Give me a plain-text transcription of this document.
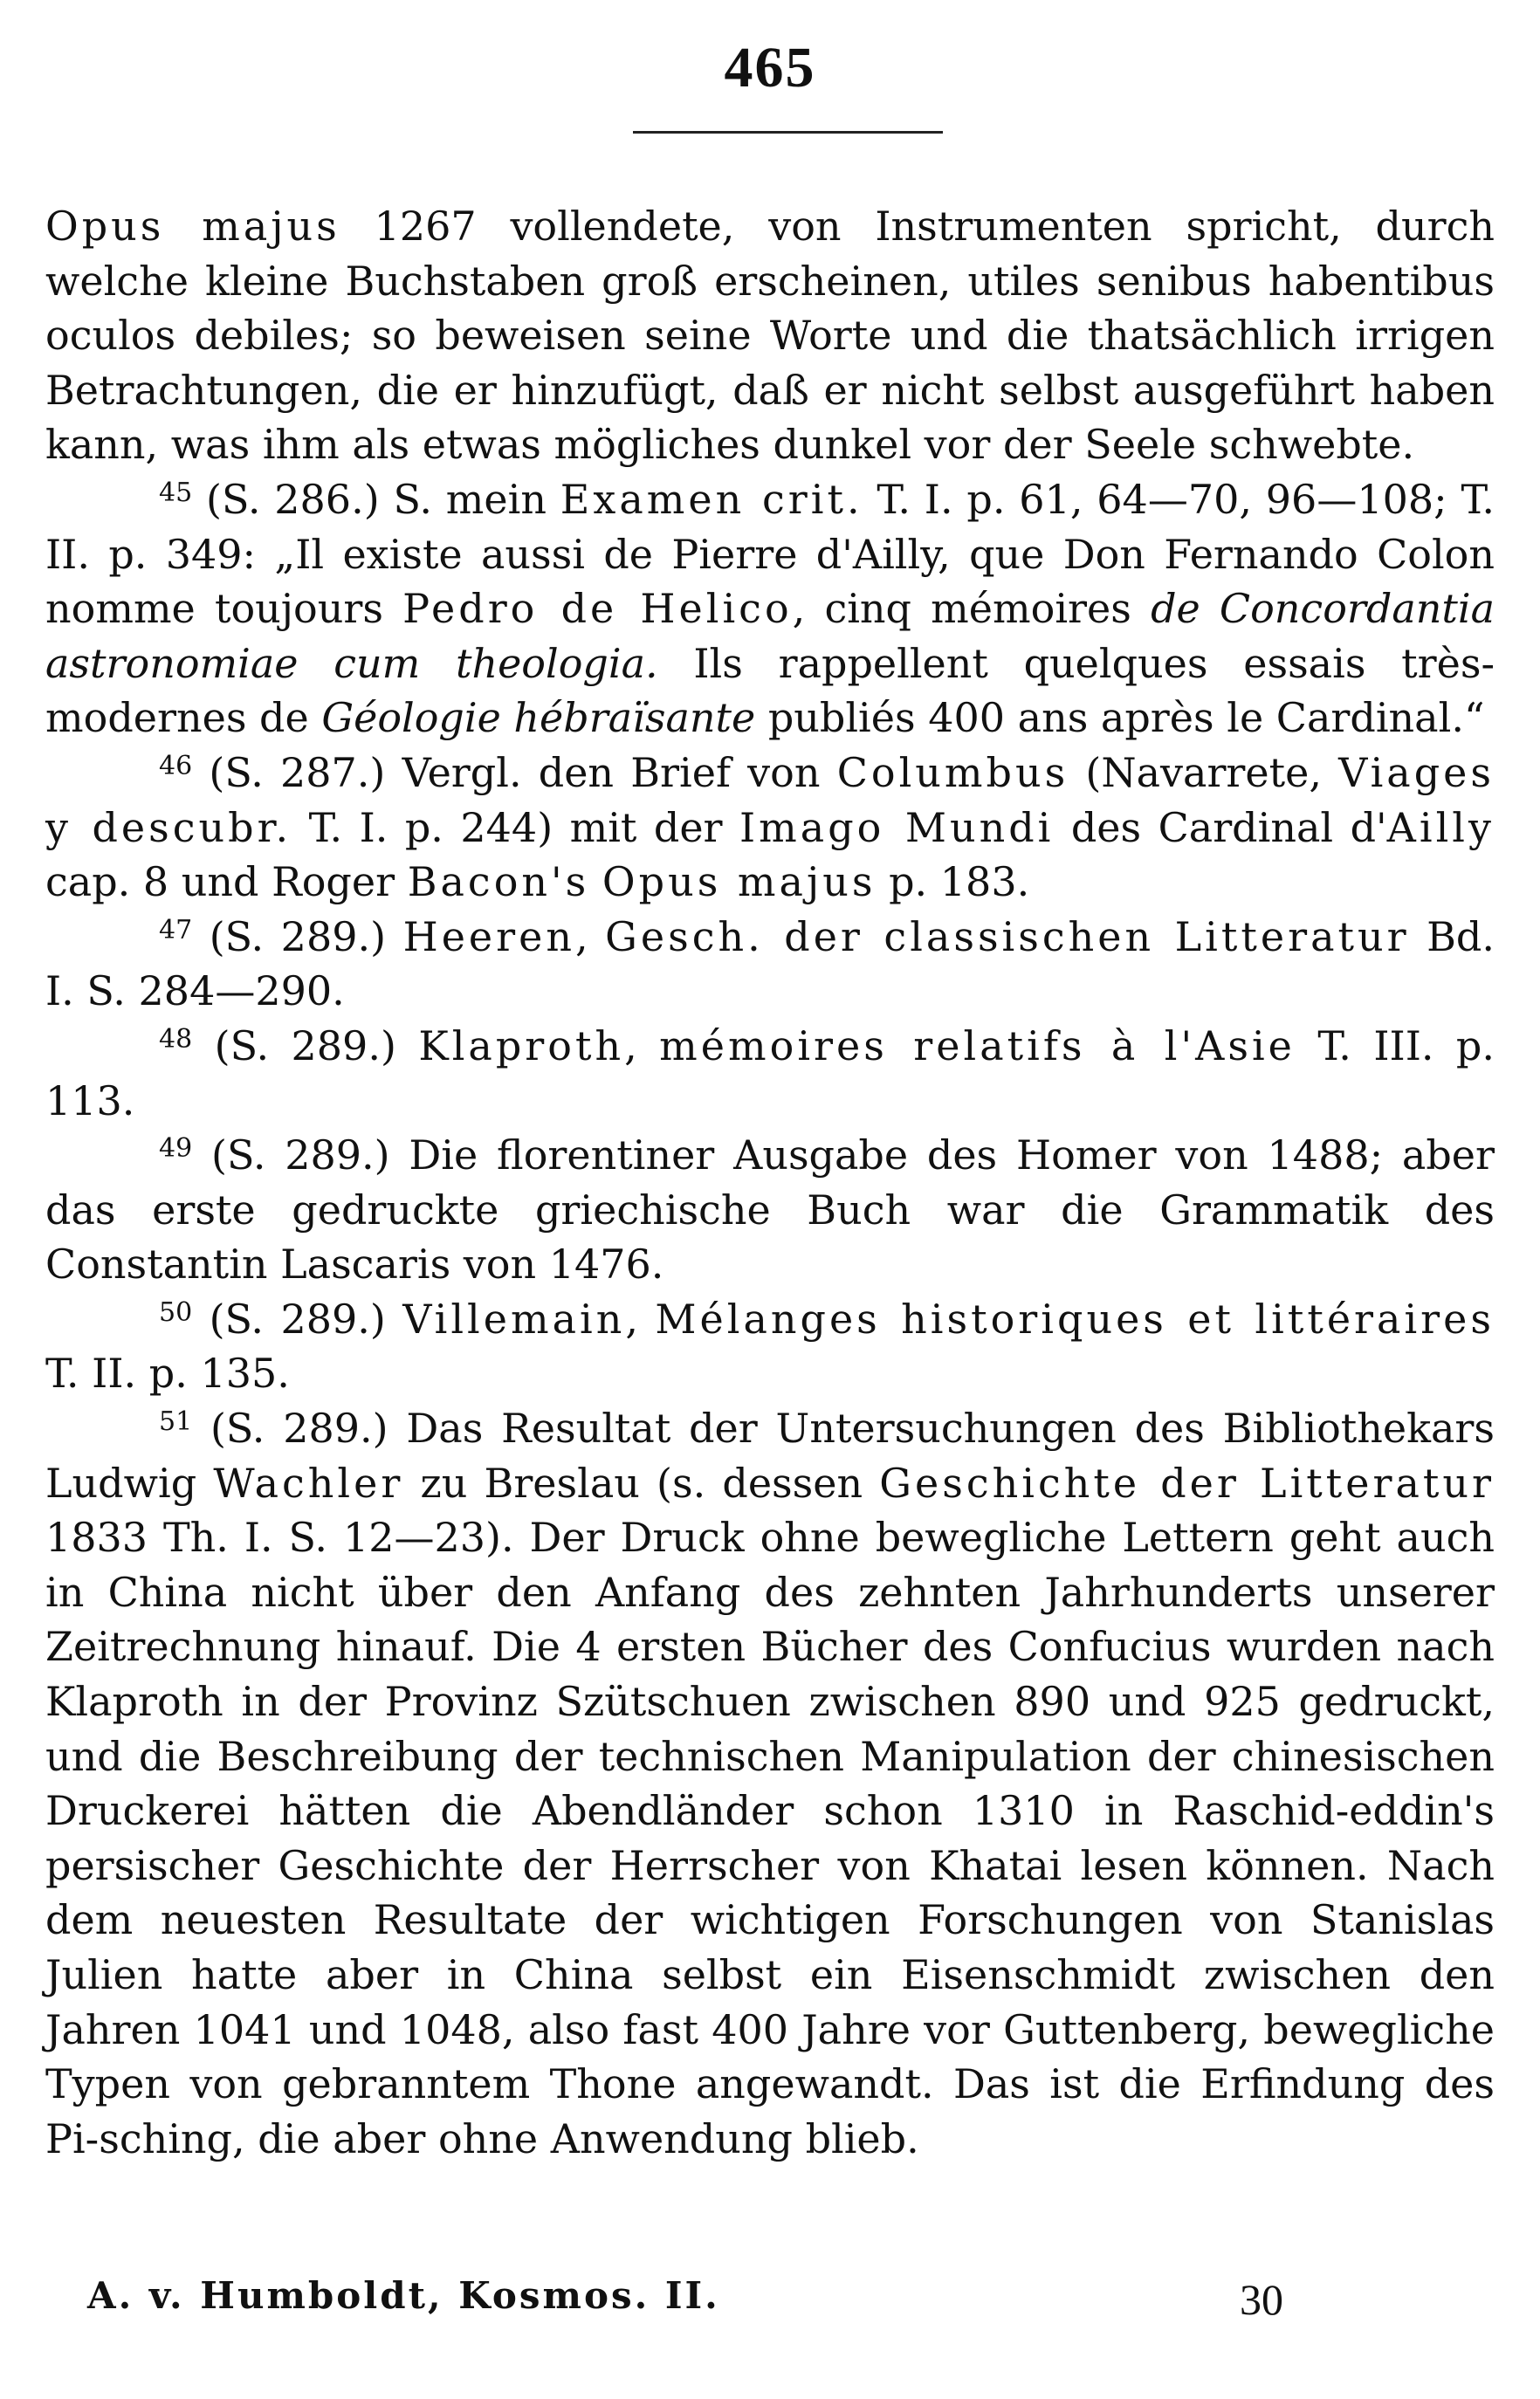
465

Opus majus 1267 vollendete, von Instrumenten spricht, durch welche kleine Buchstaben groß erscheinen, utiles senibus habentibus oculos debiles; so beweisen seine Worte und die thatsächlich irrigen Betrachtungen, die er hinzufügt, daß er nicht selbst ausgeführt haben kann, was ihm als etwas mögliches dunkel vor der Seele schwebte.

$^{45}$ (S. 286.) S. mein Examen crit. T. I. p. 61, 64—70, 96—108; T. II. p. 349: „Il existe aussi de Pierre d'Ailly, que Don Fernando Colon nomme toujours Pedro de Helico, cinq mémoires de Concordantia astronomiae cum theologia. Ils rappellent quelques essais très-modernes de Géologie hébraïsante publiés 400 ans après le Cardinal.“

$^{46}$ (S. 287.) Vergl. den Brief von Columbus (Navarrete, Viages y descubr. T. I. p. 244) mit der Imago Mundi des Cardinal d'Ailly cap. 8 und Roger Bacon's Opus majus p. 183.

$^{47}$ (S. 289.) Heeren, Gesch. der classischen Litteratur Bd. I. S. 284—290.

$^{48}$ (S. 289.) Klaproth, mémoires relatifs à l'Asie T. III. p. 113.

$^{49}$ (S. 289.) Die florentiner Ausgabe des Homer von 1488; aber das erste gedruckte griechische Buch war die Grammatik des Constantin Lascaris von 1476.

$^{50}$ (S. 289.) Villemain, Mélanges historiques et littéraires T. II. p. 135.

$^{51}$ (S. 289.) Das Resultat der Untersuchungen des Bibliothekars Ludwig Wachler zu Breslau (s. dessen Geschichte der Litteratur 1833 Th. I. S. 12—23). Der Druck ohne bewegliche Lettern geht auch in China nicht über den Anfang des zehnten Jahrhunderts unserer Zeitrechnung hinauf. Die 4 ersten Bücher des Confucius wurden nach Klaproth in der Provinz Szütschuen zwischen 890 und 925 gedruckt, und die Beschreibung der technischen Manipulation der chinesischen Druckerei hätten die Abendländer schon 1310 in Raschid-eddin's persischer Geschichte der Herrscher von Khatai lesen können. Nach dem neuesten Resultate der wichtigen Forschungen von Stanislas Julien hatte aber in China selbst ein Eisenschmidt zwischen den Jahren 1041 und 1048, also fast 400 Jahre vor Guttenberg, bewegliche Typen von gebranntem Thone angewandt. Das ist die Erfindung des Pi-sching, die aber ohne Anwendung blieb.

A. v. Humboldt, Kosmos. II.	30
